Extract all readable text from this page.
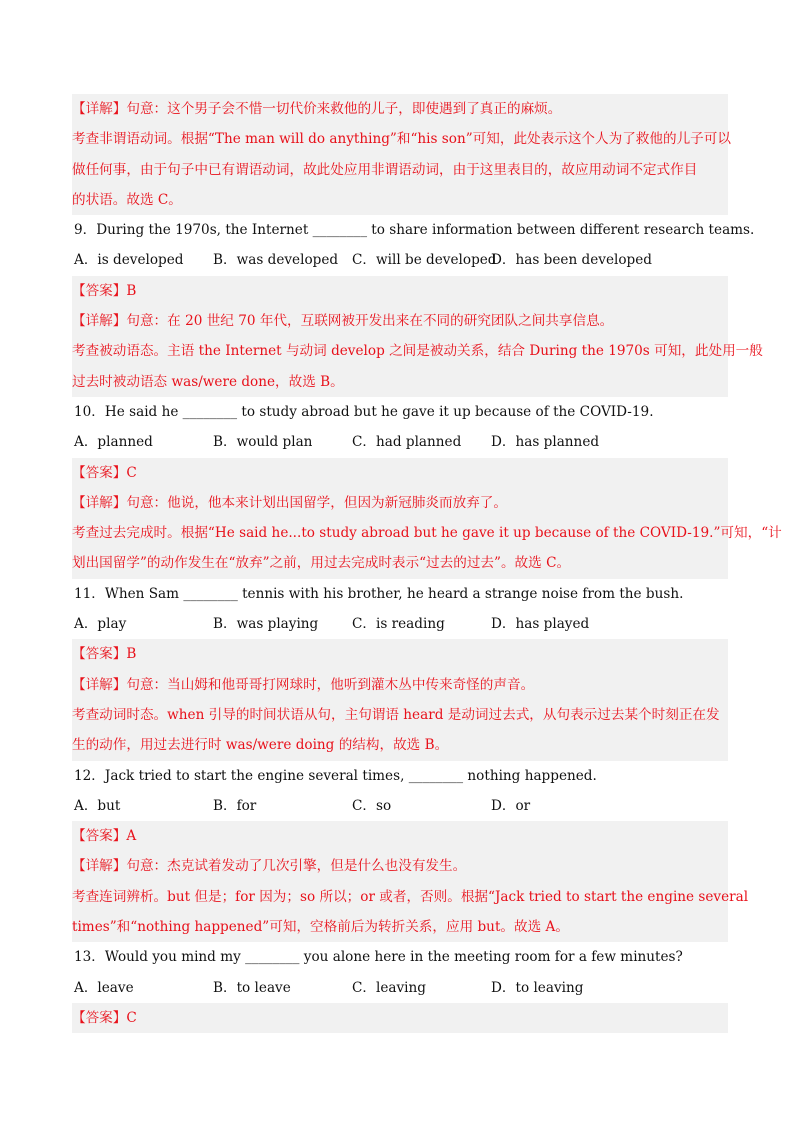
【详解】句意：这个男子会不惜一切代价来救他的儿子，即使遇到了真正的麻烦。
考查非谓语动词。根据“The man will do anything”和“his son”可知，此处表示这个人为了救他的儿子可以
做任何事，由于句子中已有谓语动词，故此处应用非谓语动词，由于这里表目的，故应用动词不定式作目
的状语。故选 C。
9．During the 1970s, the Internet ________ to share information between different research teams.
A．is developed	B．was developed	C．will be developed
D．has been developed
【答案】B
【详解】句意：在 20 世纪 70 年代，互联网被开发出来在不同的研究团队之间共享信息。
考查被动语态。主语 the Internet 与动词 develop 之间是被动关系，结合 During the 1970s 可知，此处用一般
过去时被动语态 was/were done，故选 B。
10．He said he ________ to study abroad but he gave it up because of the COVID-19.
A．planned	B．would plan	C．had planned	D．has planned
【答案】C
【详解】句意：他说，他本来计划出国留学，但因为新冠肺炎而放弃了。
考查过去完成时。根据“He said he...to study abroad but he gave it up because of the COVID-19.”可知，“计
划出国留学”的动作发生在“放弃”之前，用过去完成时表示“过去的过去”。故选 C。
11．When Sam ________ tennis with his brother, he heard a strange noise from the bush.
A．play	B．was playing	C．is reading	D．has played
【答案】B
【详解】句意：当山姆和他哥哥打网球时，他听到灌木丛中传来奇怪的声音。
考查动词时态。when 引导的时间状语从句，主句谓语 heard 是动词过去式，从句表示过去某个时刻正在发
生的动作，用过去进行时 was/were doing 的结构，故选 B。
12．Jack tried to start the engine several times, ________ nothing happened.
A．but	B．for	C．so	D．or
【答案】A
【详解】句意：杰克试着发动了几次引擎，但是什么也没有发生。
考查连词辨析。but 但是；for 因为；so 所以；or 或者，否则。根据“Jack tried to start the engine several
times”和“nothing happened”可知，空格前后为转折关系，应用 but。故选 A。
13．Would you mind my ________ you alone here in the meeting room for a few minutes?
A．leave	B．to leave	C．leaving	D．to leaving
【答案】C
